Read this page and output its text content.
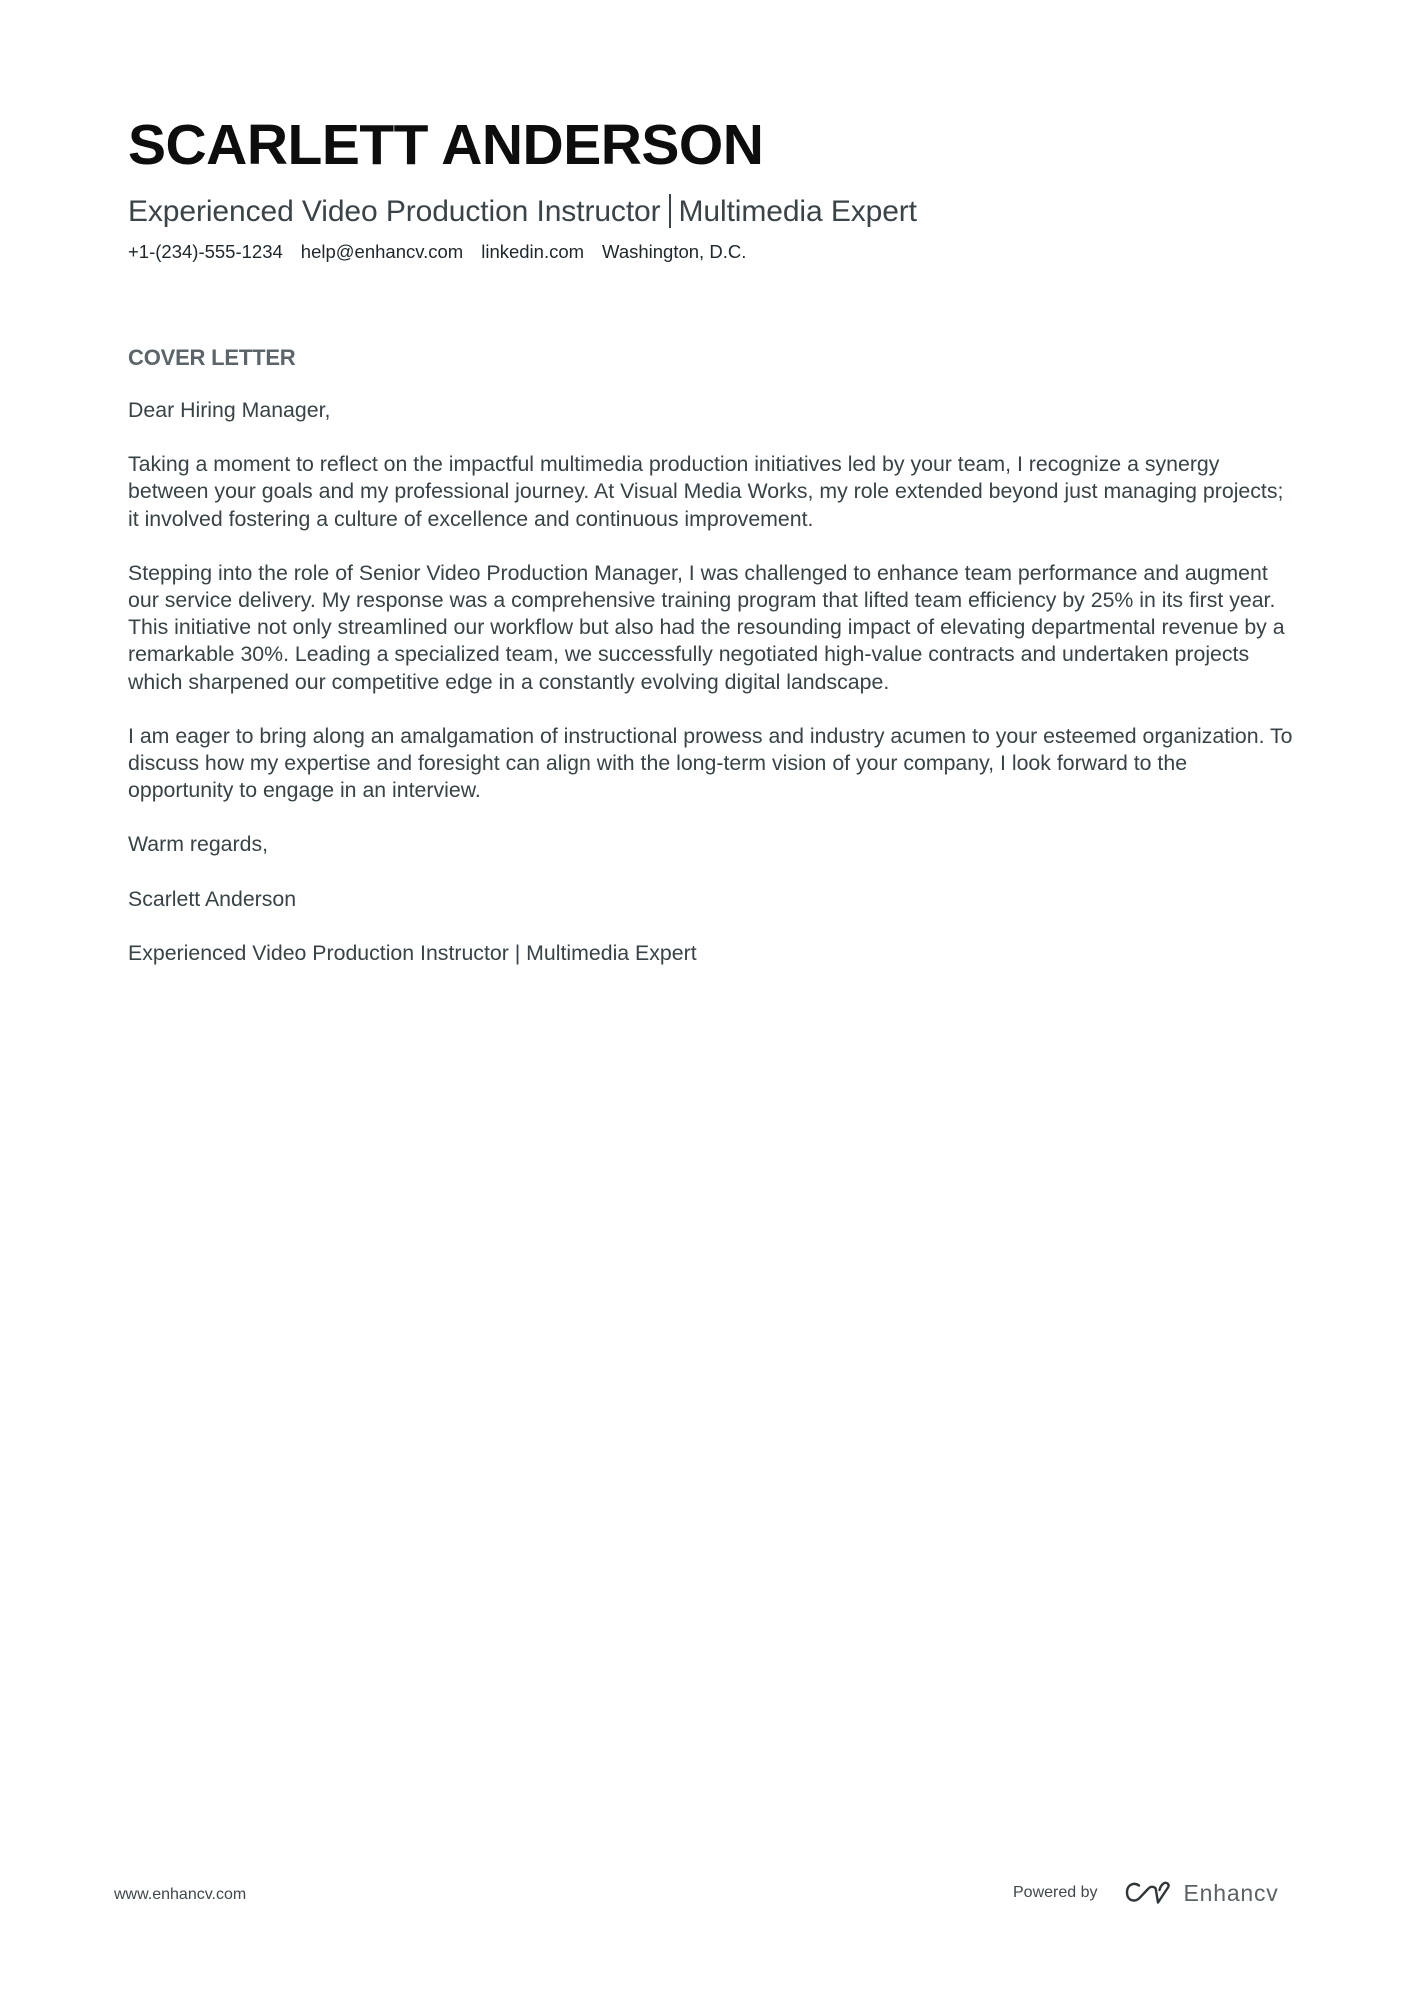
SCARLETT ANDERSON
Experienced Video Production Instructor Multimedia Expert
+1-(234)-555-1234 help@enhancv.com linkedin.com Washington, D.C.
COVER LETTER

Dear Hiring Manager,

Taking a moment to reflect on the impactful multimedia production initiatives led by your team, I recognize a synergy between your goals and my professional journey. At Visual Media Works, my role extended beyond just managing projects; it involved fostering a culture of excellence and continuous improvement.

Stepping into the role of Senior Video Production Manager, I was challenged to enhance team performance and augment our service delivery. My response was a comprehensive training program that lifted team efficiency by 25% in its first year. This initiative not only streamlined our workflow but also had the resounding impact of elevating departmental revenue by a remarkable 30%. Leading a specialized team, we successfully negotiated high-value contracts and undertaken projects which sharpened our competitive edge in a constantly evolving digital landscape.

I am eager to bring along an amalgamation of instructional prowess and industry acumen to your esteemed organization. To discuss how my expertise and foresight can align with the long-term vision of your company, I look forward to the opportunity to engage in an interview.

Warm regards,

Scarlett Anderson

Experienced Video Production Instructor | Multimedia Expert

www.enhancv.com	Powered by	Enhancv
